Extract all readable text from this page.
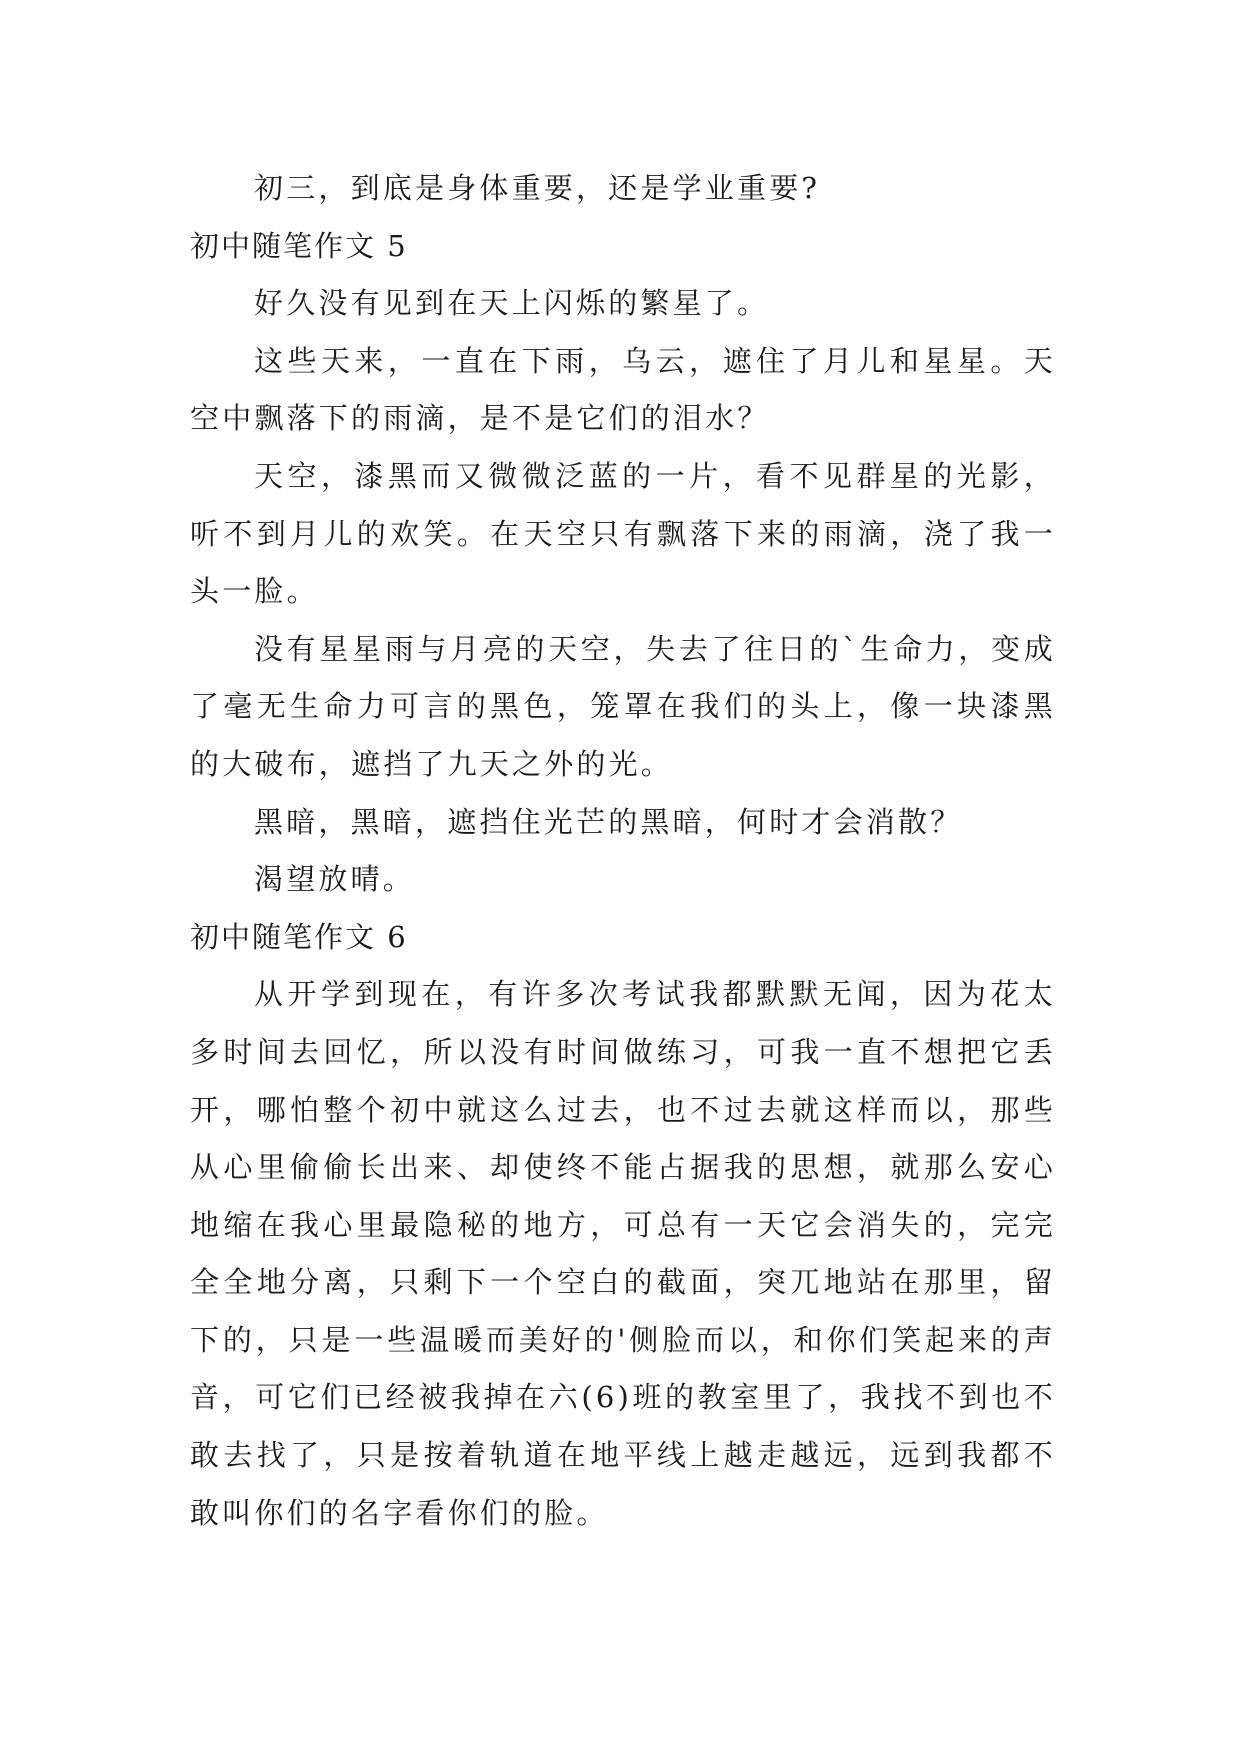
初三，到底是身体重要，还是学业重要?

初中随笔作文 5

好久没有见到在天上闪烁的繁星了。

这些天来，一直在下雨，乌云，遮住了月儿和星星。天空中飘落下的雨滴，是不是它们的泪水？

天空，漆黑而又微微泛蓝的一片，看不见群星的光影，听不到月儿的欢笑。在天空只有飘落下来的雨滴，浇了我一头一脸。

没有星星雨与月亮的天空，失去了往日的`生命力，变成了毫无生命力可言的黑色，笼罩在我们的头上，像一块漆黑的大破布，遮挡了九天之外的光。

黑暗，黑暗，遮挡住光芒的黑暗，何时才会消散？

渴望放晴。

初中随笔作文 6

从开学到现在，有许多次考试我都默默无闻，因为花太多时间去回忆，所以没有时间做练习，可我一直不想把它丢开，哪怕整个初中就这么过去，也不过去就这样而以，那些从心里偷偷长出来、却使终不能占据我的思想，就那么安心地缩在我心里最隐秘的地方，可总有一天它会消失的，完完全全地分离，只剩下一个空白的截面，突兀地站在那里，留下的，只是一些温暖而美好的'侧脸而以，和你们笑起来的声音，可它们已经被我掉在六(6)班的教室里了，我找不到也不敢去找了，只是按着轨道在地平线上越走越远，远到我都不敢叫你们的名字看你们的脸。
